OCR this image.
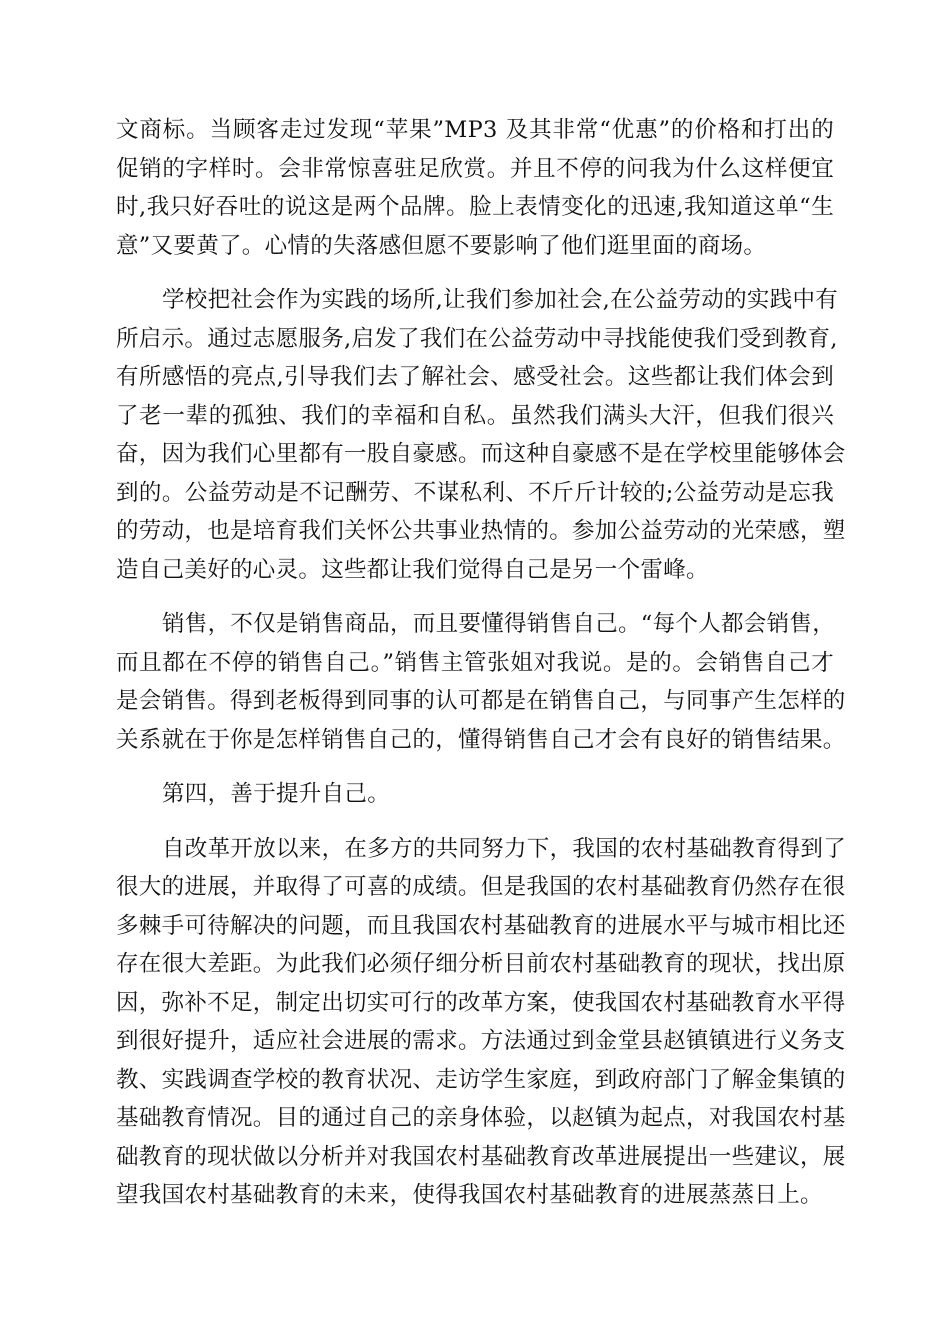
文商标。当顾客走过发现“苹果”MP3 及其非常“优惠”的价格和打出的
促销的字样时。会非常惊喜驻足欣赏。并且不停的问我为什么这样便宜
时,我只好吞吐的说这是两个品牌。脸上表情变化的迅速,我知道这单“生
意”又要黄了。心情的失落感但愿不要影响了他们逛里面的商场。
学校把社会作为实践的场所,让我们参加社会,在公益劳动的实践中有
所启示。通过志愿服务,启发了我们在公益劳动中寻找能使我们受到教育,
有所感悟的亮点,引导我们去了解社会、感受社会。这些都让我们体会到
了老一辈的孤独、我们的幸福和自私。虽然我们满头大汗，但我们很兴
奋，因为我们心里都有一股自豪感。而这种自豪感不是在学校里能够体会
到的。公益劳动是不记酬劳、不谋私利、不斤斤计较的;公益劳动是忘我
的劳动，也是培育我们关怀公共事业热情的。参加公益劳动的光荣感，塑
造自己美好的心灵。这些都让我们觉得自己是另一个雷峰。
销售，不仅是销售商品，而且要懂得销售自己。“每个人都会销售，
而且都在不停的销售自己。”销售主管张姐对我说。是的。会销售自己才
是会销售。得到老板得到同事的认可都是在销售自己，与同事产生怎样的
关系就在于你是怎样销售自己的，懂得销售自己才会有良好的销售结果。
第四，善于提升自己。
自改革开放以来，在多方的共同努力下，我国的农村基础教育得到了
很大的进展，并取得了可喜的成绩。但是我国的农村基础教育仍然存在很
多棘手可待解决的问题，而且我国农村基础教育的进展水平与城市相比还
存在很大差距。为此我们必须仔细分析目前农村基础教育的现状，找出原
因，弥补不足，制定出切实可行的改革方案，使我国农村基础教育水平得
到很好提升，适应社会进展的需求。方法通过到金堂县赵镇镇进行义务支
教、实践调查学校的教育状况、走访学生家庭，到政府部门了解金集镇的
基础教育情况。目的通过自己的亲身体验，以赵镇为起点，对我国农村基
础教育的现状做以分析并对我国农村基础教育改革进展提出一些建议，展
望我国农村基础教育的未来，使得我国农村基础教育的进展蒸蒸日上。
